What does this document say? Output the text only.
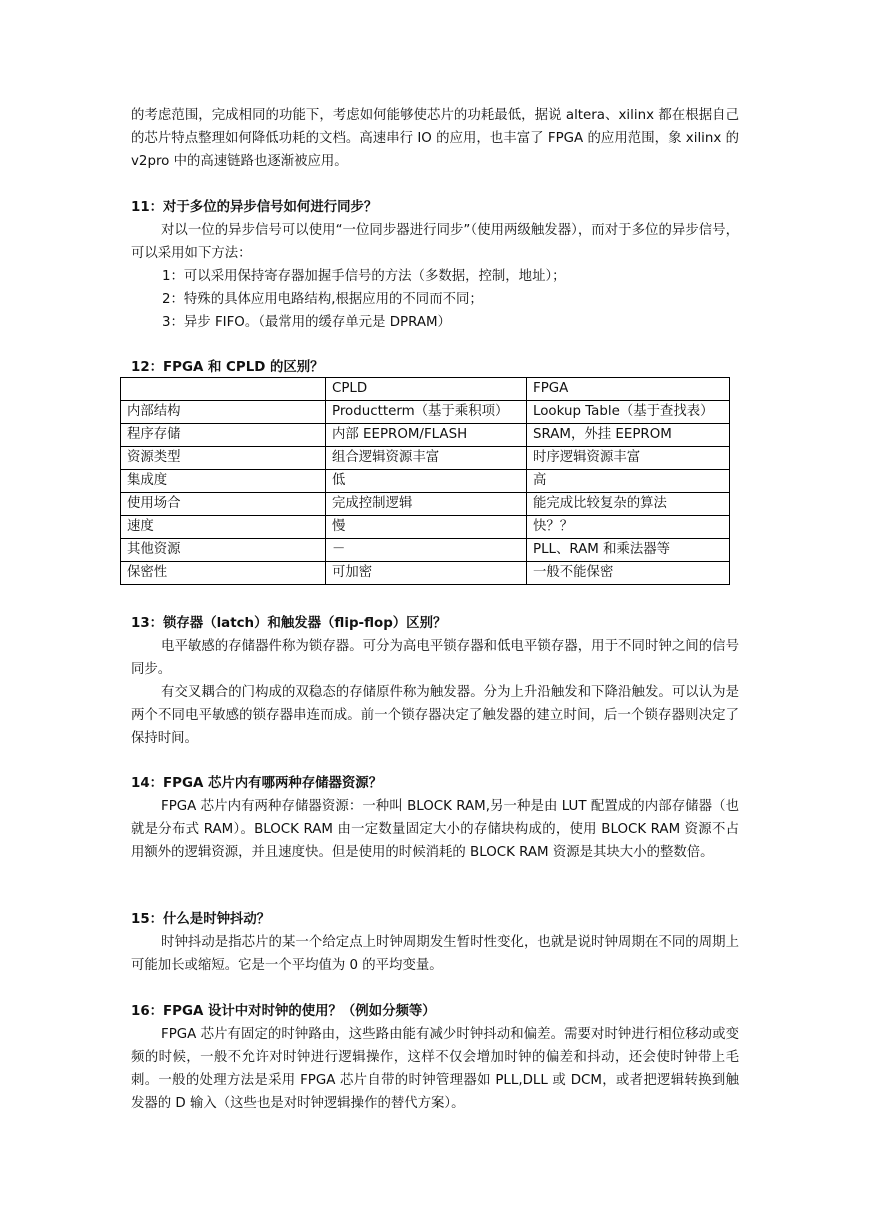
的考虑范围，完成相同的功能下，考虑如何能够使芯片的功耗最低，据说 altera、xilinx 都在根据自己的芯片特点整理如何降低功耗的文档。高速串行 IO 的应用，也丰富了 FPGA 的应用范围，象 xilinx 的 v2pro 中的高速链路也逐渐被应用。

11：对于多位的异步信号如何进行同步？

对以一位的异步信号可以使用“一位同步器进行同步”（使用两级触发器），而对于多位的异步信号，可以采用如下方法：

1：可以采用保持寄存器加握手信号的方法（多数据，控制，地址）；

2：特殊的具体应用电路结构,根据应用的不同而不同；

3：异步 FIFO。（最常用的缓存单元是 DPRAM）

12：FPGA 和 CPLD 的区别？

	CPLD	FPGA
内部结构	Productterm（基于乘积项）	Lookup Table（基于查找表）
程序存储	内部 EEPROM/FLASH	SRAM，外挂 EEPROM
资源类型	组合逻辑资源丰富	时序逻辑资源丰富
集成度	低	高
使用场合	完成控制逻辑	能完成比较复杂的算法
速度	慢	快？？
其他资源	－	PLL、RAM 和乘法器等
保密性	可加密	一般不能保密

13：锁存器（latch）和触发器（flip-flop）区别？

电平敏感的存储器件称为锁存器。可分为高电平锁存器和低电平锁存器，用于不同时钟之间的信号同步。

有交叉耦合的门构成的双稳态的存储原件称为触发器。分为上升沿触发和下降沿触发。可以认为是两个不同电平敏感的锁存器串连而成。前一个锁存器决定了触发器的建立时间，后一个锁存器则决定了保持时间。

14：FPGA 芯片内有哪两种存储器资源？

FPGA 芯片内有两种存储器资源：一种叫 BLOCK RAM,另一种是由 LUT 配置成的内部存储器（也就是分布式 RAM）。BLOCK RAM 由一定数量固定大小的存储块构成的，使用 BLOCK RAM 资源不占用额外的逻辑资源，并且速度快。但是使用的时候消耗的 BLOCK RAM 资源是其块大小的整数倍。

15：什么是时钟抖动？

时钟抖动是指芯片的某一个给定点上时钟周期发生暂时性变化，也就是说时钟周期在不同的周期上可能加长或缩短。它是一个平均值为 0 的平均变量。

16：FPGA 设计中对时钟的使用？（例如分频等）

FPGA 芯片有固定的时钟路由，这些路由能有减少时钟抖动和偏差。需要对时钟进行相位移动或变频的时候，一般不允许对时钟进行逻辑操作，这样不仅会增加时钟的偏差和抖动，还会使时钟带上毛刺。一般的处理方法是采用 FPGA 芯片自带的时钟管理器如 PLL,DLL 或 DCM，或者把逻辑转换到触发器的 D 输入（这些也是对时钟逻辑操作的替代方案）。
